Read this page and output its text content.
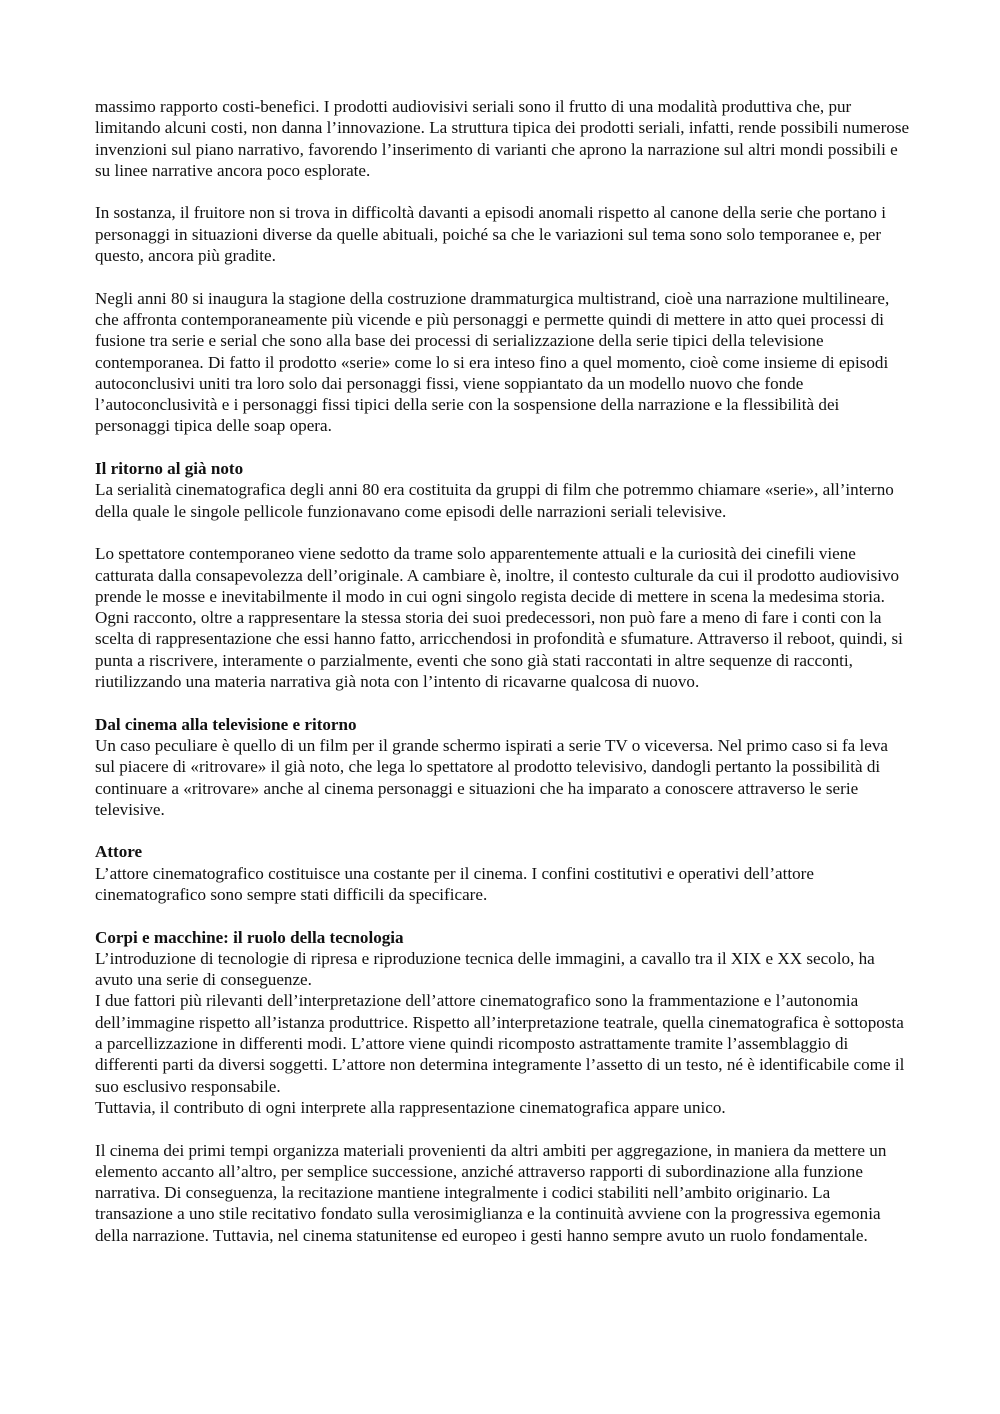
massimo rapporto costi-benefici. I prodotti audiovisivi seriali sono il frutto di una modalità produttiva che, pur limitando alcuni costi, non danna l’innovazione. La struttura tipica dei prodotti seriali, infatti, rende possibili numerose invenzioni sul piano narrativo, favorendo l’inserimento di varianti che aprono la narrazione sul altri mondi possibili e su linee narrative ancora poco esplorate.

In sostanza, il fruitore non si trova in difficoltà davanti a episodi anomali rispetto al canone della serie che portano i personaggi in situazioni diverse da quelle abituali, poiché sa che le variazioni sul tema sono solo temporanee e, per questo, ancora più gradite.

Negli anni 80 si inaugura la stagione della costruzione drammaturgica multistrand, cioè una narrazione multilineare, che affronta contemporaneamente più vicende e più personaggi e permette quindi di mettere in atto quei processi di fusione tra serie e serial che sono alla base dei processi di serializzazione della serie tipici della televisione contemporanea. Di fatto il prodotto «serie» come lo si era inteso fino a quel momento, cioè come insieme di episodi autoconclusivi uniti tra loro solo dai personaggi fissi, viene soppiantato da un modello nuovo che fonde l’autoconclusività e i personaggi fissi tipici della serie con la sospensione della narrazione e la flessibilità dei personaggi tipica delle soap opera.

Il ritorno al già noto
La serialità cinematografica degli anni 80 era costituita da gruppi di film che potremmo chiamare «serie», all’interno della quale le singole pellicole funzionavano come episodi delle narrazioni seriali televisive.
Lo spettatore contemporaneo viene sedotto da trame solo apparentemente attuali e la curiosità dei cinefili viene catturata dalla consapevolezza dell’originale. A cambiare è, inoltre, il contesto culturale da cui il prodotto audiovisivo prende le mosse e inevitabilmente il modo in cui ogni singolo regista decide di mettere in scena la medesima storia. Ogni racconto, oltre a rappresentare la stessa storia dei suoi predecessori, non può fare a meno di fare i conti con la scelta di rappresentazione che essi hanno fatto, arricchendosi in profondità e sfumature. Attraverso il reboot, quindi, si punta a riscrivere, interamente o parzialmente, eventi che sono già stati raccontati in altre sequenze di racconti, riutilizzando una materia narrativa già nota con l’intento di ricavarne qualcosa di nuovo.
Dal cinema alla televisione e ritorno
Un caso peculiare è quello di un film per il grande schermo ispirati a serie TV o viceversa. Nel primo caso si fa leva sul piacere di «ritrovare» il già noto, che lega lo spettatore al prodotto televisivo, dandogli pertanto la possibilità di continuare a «ritrovare» anche al cinema personaggi e situazioni che ha imparato a conoscere attraverso le serie televisive.
Attore
L’attore cinematografico costituisce una costante per il cinema. I confini costitutivi e operativi dell’attore cinematografico sono sempre stati difficili da specificare.
Corpi e macchine: il ruolo della tecnologia
L’introduzione di tecnologie di ripresa e riproduzione tecnica delle immagini, a cavallo tra il XIX e XX secolo, ha avuto una serie di conseguenze.
I due fattori più rilevanti dell’interpretazione dell’attore cinematografico sono la frammentazione e l’autonomia dell’immagine rispetto all’istanza produttrice. Rispetto all’interpretazione teatrale, quella cinematografica è sottoposta a parcellizzazione in differenti modi. L’attore viene quindi ricomposto astrattamente tramite l’assemblaggio di differenti parti da diversi soggetti. L’attore non determina integramente l’assetto di un testo, né è identificabile come il suo esclusivo responsabile.
Tuttavia, il contributo di ogni interprete alla rappresentazione cinematografica appare unico.
Il cinema dei primi tempi organizza materiali provenienti da altri ambiti per aggregazione, in maniera da mettere un elemento accanto all’altro, per semplice successione, anziché attraverso rapporti di subordinazione alla funzione narrativa. Di conseguenza, la recitazione mantiene integralmente i codici stabiliti nell’ambito originario. La transazione a uno stile recitativo fondato sulla verosimiglianza e la continuità avviene con la progressiva egemonia della narrazione. Tuttavia, nel cinema statunitense ed europeo i gesti hanno sempre avuto un ruolo fondamentale.
